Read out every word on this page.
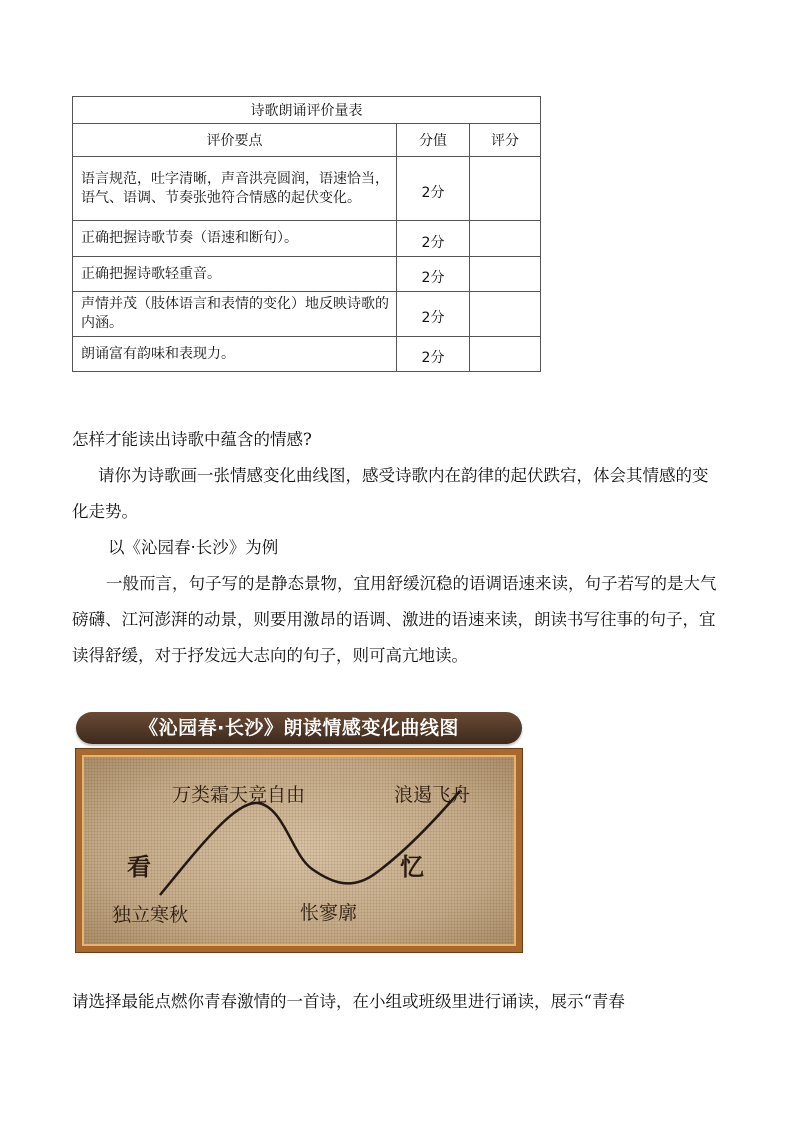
诗歌朗诵评价量表		
评价要点	分值	评分
语言规范，吐字清晰，声音洪亮圆润，语速恰当，语气、语调、节奏张弛符合情感的起伏变化。	2分	
正确把握诗歌节奏（语速和断句）。	2分	
正确把握诗歌轻重音。	2分	
声情并茂（肢体语言和表情的变化）地反映诗歌的内涵。	2分	
朗诵富有韵味和表现力。	2分	

怎样才能读出诗歌中蕴含的情感?

请你为诗歌画一张情感变化曲线图，感受诗歌内在韵律的起伏跌宕，体会其情感的变化走势。

以《沁园春·长沙》为例

一般而言，句子写的是静态景物，宜用舒缓沉稳的语调语速来读，句子若写的是大气磅礴、江河澎湃的动景，则要用激昂的语调、激进的语速来读，朗读书写往事的句子，宜读得舒缓，对于抒发远大志向的句子，则可高亢地读。

《沁园春·长沙》朗读情感变化曲线图
看	忆
独立寒秋
万类霜天竞自由
怅寥廓
浪遏飞舟

请选择最能点燃你青春激情的一首诗，在小组或班级里进行诵读，展示“青春
